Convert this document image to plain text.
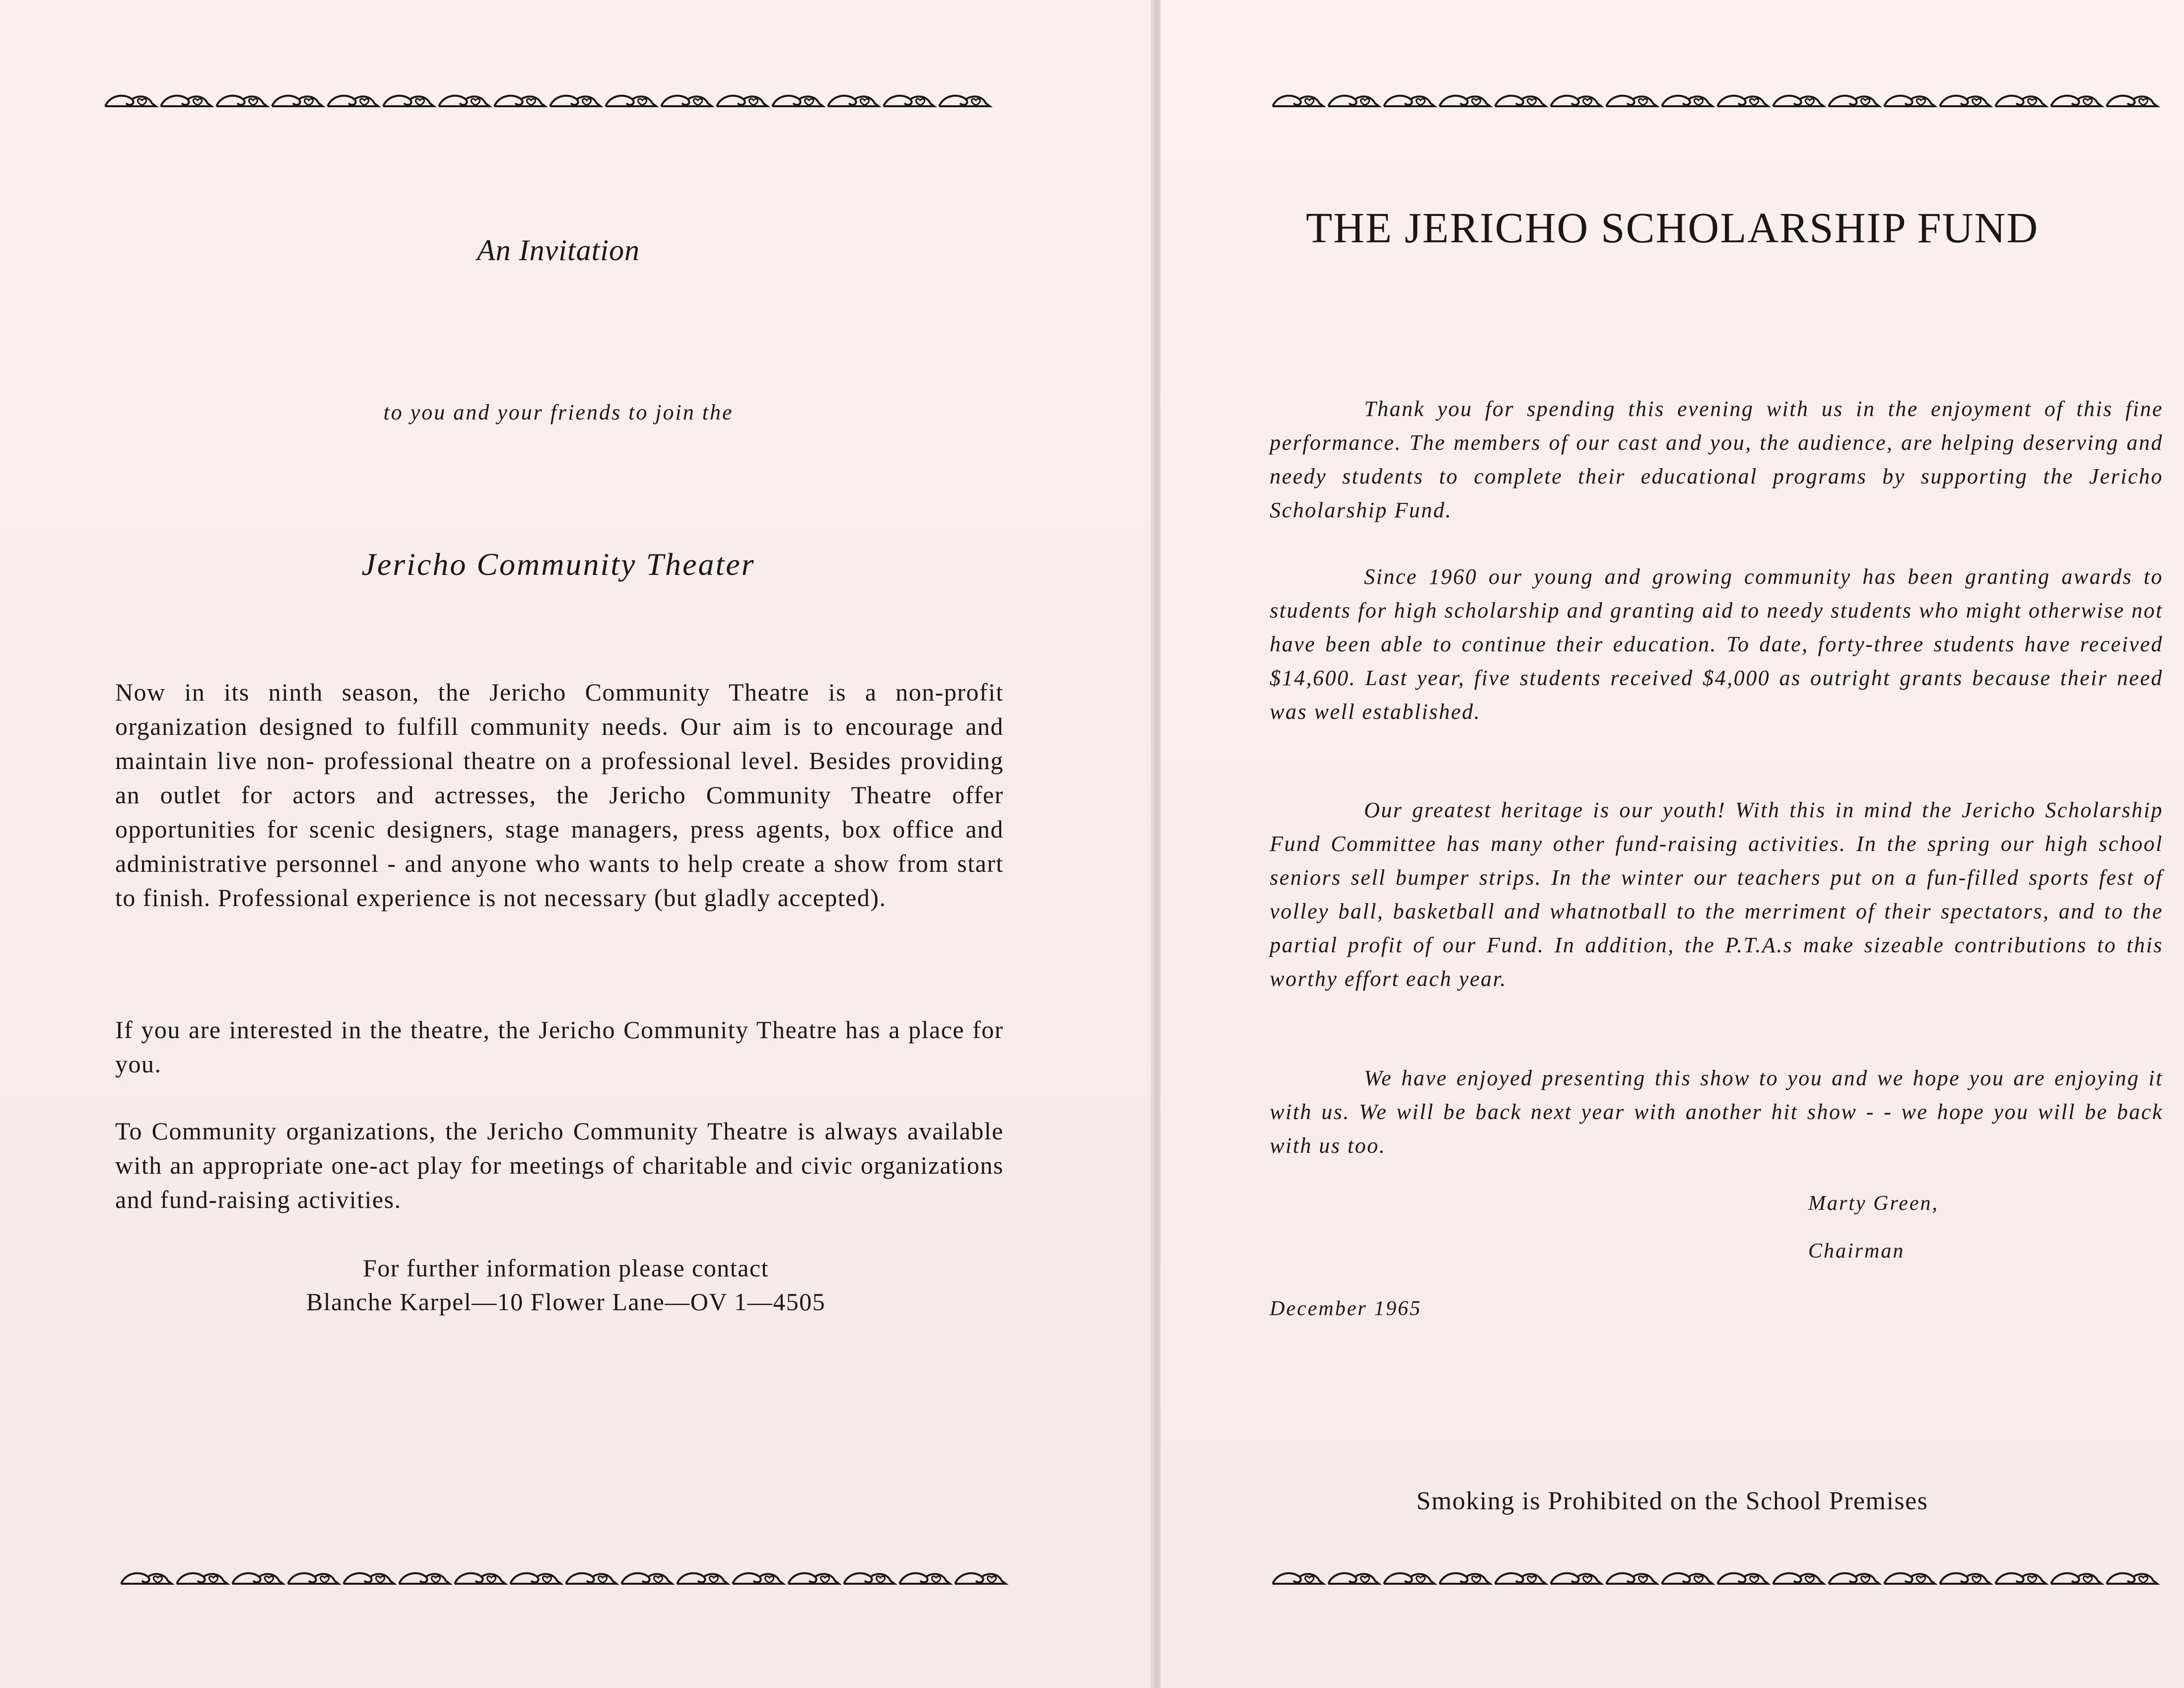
An Invitation
to you and your friends to join the
Jericho Community Theater
Now in its ninth season, the Jericho Community Theatre is a non-profit organization designed to fulfill community needs. Our aim is to encourage and maintain live non- professional theatre on a professional level. Besides providing an outlet for actors and actresses, the Jericho Community Theatre offer opportunities for scenic designers, stage managers, press agents, box office and administrative personnel - and anyone who wants to help create a show from start to finish. Professional experience is not necessary (but gladly accepted).
If you are interested in the theatre, the Jericho Community Theatre has a place for you.
To Community organizations, the Jericho Community Theatre is always available with an appropriate one-act play for meetings of charitable and civic organizations and fund-raising activities.
For further information please contact
Blanche Karpel—10 Flower Lane—OV 1—4505
THE JERICHO SCHOLARSHIP FUND
Thank you for spending this evening with us in the enjoyment of this fine performance. The members of our cast and you, the audience, are helping deserving and needy students to complete their educational programs by supporting the Jericho Scholarship Fund.
Since 1960 our young and growing community has been granting awards to students for high scholarship and granting aid to needy students who might otherwise not have been able to continue their education. To date, forty-three students have received $14,600. Last year, five students received $4,000 as outright grants because their need was well established.
Our greatest heritage is our youth! With this in mind the Jericho Scholarship Fund Committee has many other fund-raising activities. In the spring our high school seniors sell bumper strips. In the winter our teachers put on a fun-filled sports fest of volley ball, basketball and whatnotball to the merriment of their spectators, and to the partial profit of our Fund. In addition, the P.T.A.s make sizeable contributions to this worthy effort each year.
We have enjoyed presenting this show to you and we hope you are enjoying it with us. We will be back next year with another hit show - - we hope you will be back with us too.
Marty Green,
Chairman
December 1965
Smoking is Prohibited on the School Premises
